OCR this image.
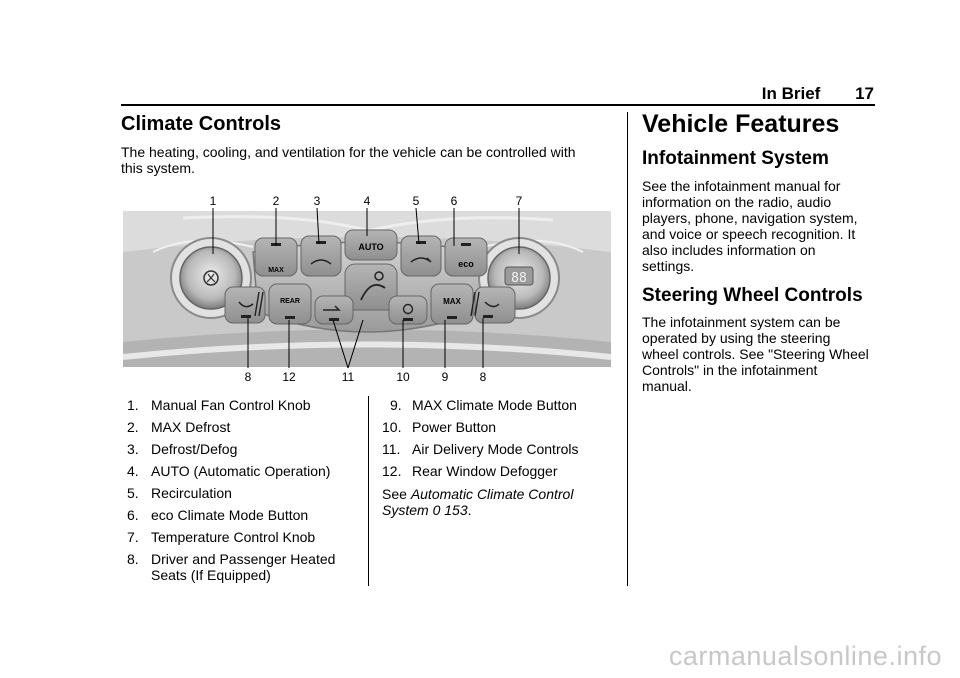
In Brief 17
Climate Controls

The heating, cooling, and ventilation for the vehicle can be controlled with this system.

1	2	3	4	5	6	7
88
MAX
AUTO
eco
REAR	MAX
8	12	11	10	9	8
1. Manual Fan Control Knob
2. MAX Defrost
3. Defrost/Defog
4. AUTO (Automatic Operation)
5. Recirculation
6. eco Climate Mode Button
7. Temperature Control Knob
8. Driver and Passenger Heated Seats (If Equipped)
9. MAX Climate Mode Button
10. Power Button
11. Air Delivery Mode Controls
12. Rear Window Defogger
See Automatic Climate Control System 0 153.
Vehicle Features
Infotainment System

See the infotainment manual for information on the radio, audio players, phone, navigation system, and voice or speech recognition. It also includes information on settings.

Steering Wheel Controls

The infotainment system can be operated by using the steering wheel controls. See "Steering Wheel Controls" in the infotainment manual.

carmanualsonline.info
